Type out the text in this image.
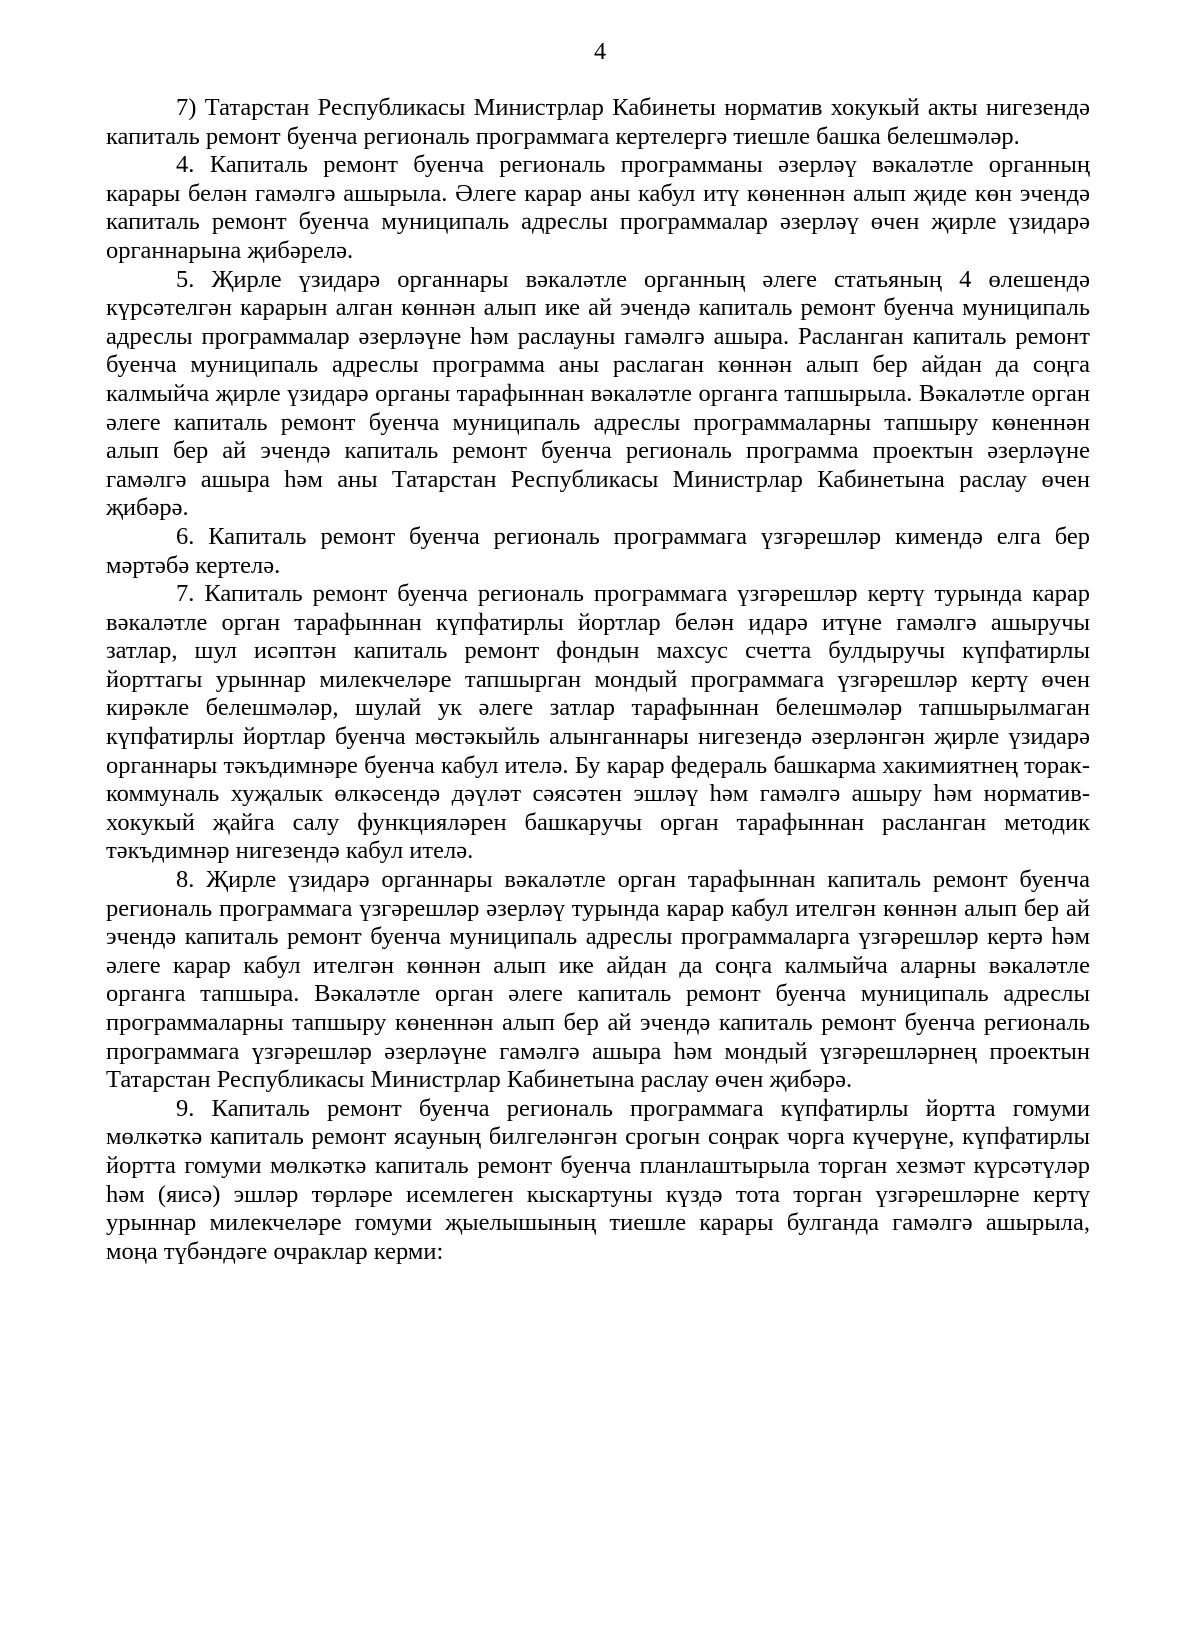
4

7) Татарстан Республикасы Министрлар Кабинеты норматив хокукый акты нигезендә капиталь ремонт буенча региональ программага кертелергә тиешле башка белешмәләр.

4. Капиталь ремонт буенча региональ программаны әзерләү вәкаләтле органның карары белән гамәлгә ашырыла. Әлеге карар аны кабул итү көненнән алып җиде көн эчендә капиталь ремонт буенча муниципаль адреслы программалар әзерләү өчен җирле үзидарә органнарына җибәрелә.

5. Җирле үзидарә органнары вәкаләтле органның әлеге статьяның 4 өлешендә күрсәтелгән карарын алган көннән алып ике ай эчендә капиталь ремонт буенча муниципаль адреслы программалар әзерләүне һәм раслауны гамәлгә ашыра. Расланган капиталь ремонт буенча муниципаль адреслы программа аны раслаган көннән алып бер айдан да соңга калмыйча җирле үзидарә органы тарафыннан вәкаләтле органга тапшырыла. Вәкаләтле орган әлеге капиталь ремонт буенча муниципаль адреслы программаларны тапшыру көненнән алып бер ай эчендә капиталь ремонт буенча региональ программа проектын әзерләүне гамәлгә ашыра һәм аны Татарстан Республикасы Министрлар Кабинетына раслау өчен җибәрә.

6. Капиталь ремонт буенча региональ программага үзгәрешләр кимендә елга бер мәртәбә кертелә.

7. Капиталь ремонт буенча региональ программага үзгәрешләр кертү турында карар вәкаләтле орган тарафыннан күпфатирлы йортлар белән идарә итүне гамәлгә ашыручы затлар, шул исәптән капиталь ремонт фондын махсус счетта булдыручы күпфатирлы йорттагы урыннар милекчеләре тапшырган мондый программага үзгәрешләр кертү өчен кирәкле белешмәләр, шулай ук әлеге затлар тарафыннан белешмәләр тапшырылмаган күпфатирлы йортлар буенча мөстәкыйль алынганнары нигезендә әзерләнгән җирле үзидарә органнары тәкъдимнәре буенча кабул ителә. Бу карар федераль башкарма хакимиятнең торак-коммуналь хуҗалык өлкәсендә дәүләт сәясәтен эшләү һәм гамәлгә ашыру һәм норматив-хокукый җайга салу функцияләрен башкаручы орган тарафыннан расланган методик тәкъдимнәр нигезендә кабул ителә.

8. Җирле үзидарә органнары вәкаләтле орган тарафыннан капиталь ремонт буенча региональ программага үзгәрешләр әзерләү турында карар кабул ителгән көннән алып бер ай эчендә капиталь ремонт буенча муниципаль адреслы программаларга үзгәрешләр кертә һәм әлеге карар кабул ителгән көннән алып ике айдан да соңга калмыйча аларны вәкаләтле органга тапшыра. Вәкаләтле орган әлеге капиталь ремонт буенча муниципаль адреслы программаларны тапшыру көненнән алып бер ай эчендә капиталь ремонт буенча региональ программага үзгәрешләр әзерләүне гамәлгә ашыра һәм мондый үзгәрешләрнең проектын Татарстан Республикасы Министрлар Кабинетына раслау өчен җибәрә.

9. Капиталь ремонт буенча региональ программага күпфатирлы йортта гомуми мөлкәткә капиталь ремонт ясауның билгеләнгән срогын соңрак чорга күчерүне, күпфатирлы йортта гомуми мөлкәткә капиталь ремонт буенча планлаштырыла торган хезмәт күрсәтүләр һәм (яисә) эшләр төрләре исемлеген кыскартуны күздә тота торган үзгәрешләрне кертү урыннар милекчеләре гомуми җыелышының тиешле карары булганда гамәлгә ашырыла, моңа түбәндәге очраклар керми:
